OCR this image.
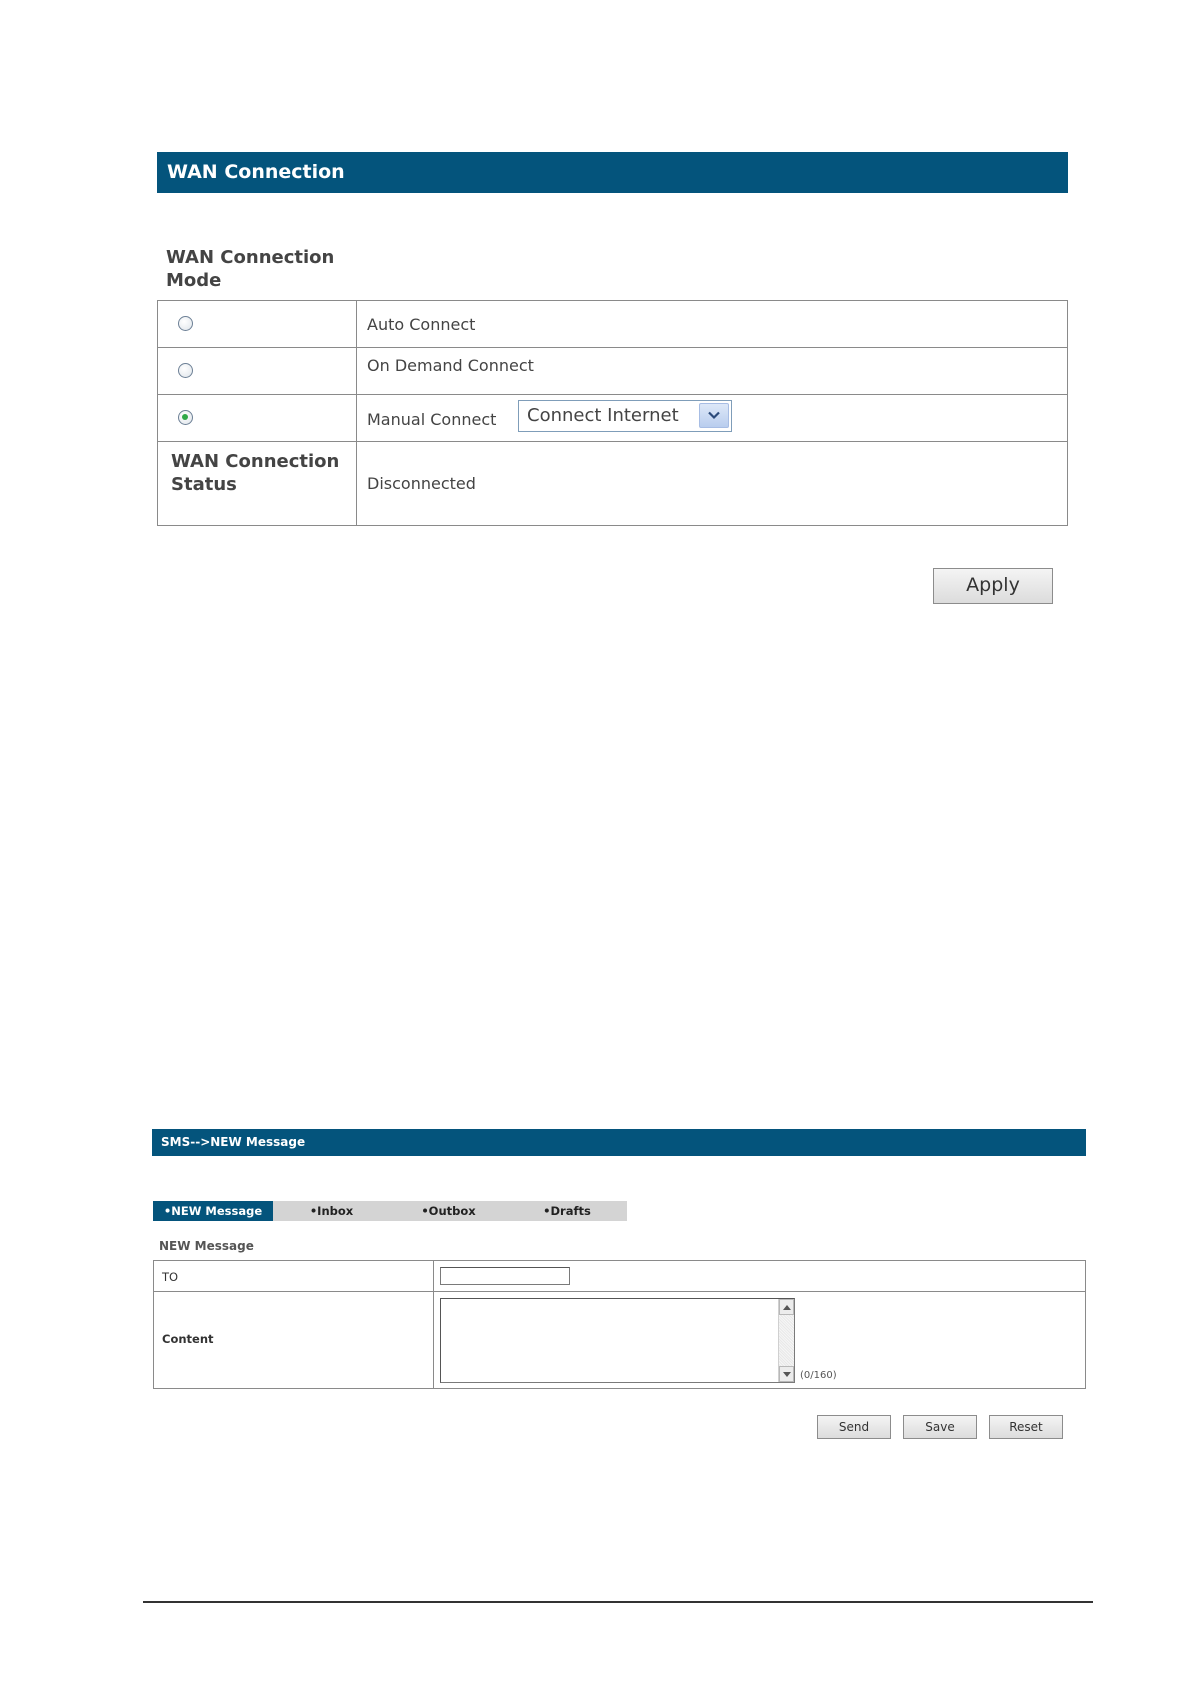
WAN Connection
WAN Connection Mode
Auto Connect
On Demand Connect
Manual Connect Connect Internet
WAN Connection Status	Disconnected
Apply
SMS-->NEW Message
•NEW Message	•Inbox	•Outbox	•Drafts
NEW Message
TO
Content
(0/160)
Send	Save	Reset
